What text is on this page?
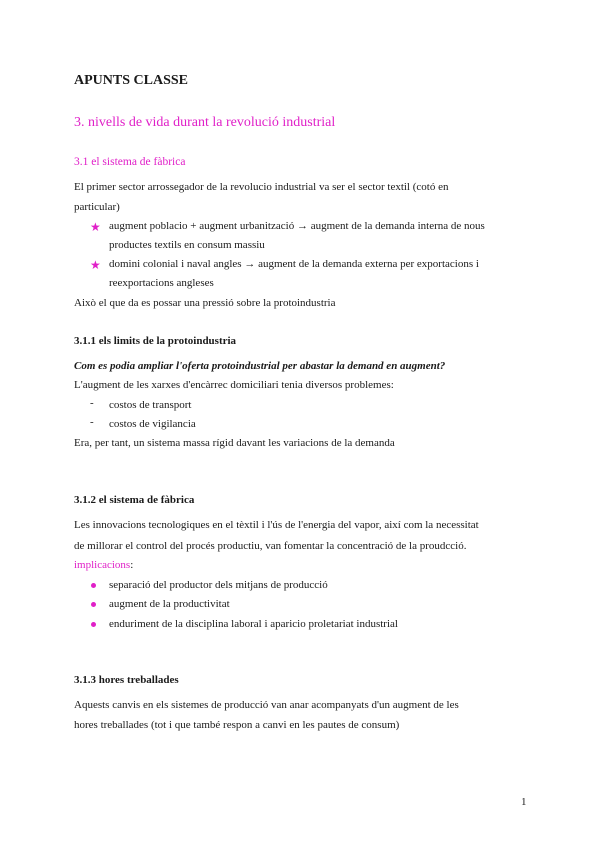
APUNTS CLASSE
3. nivells de vida durant la revolució industrial
3.1 el sistema de fàbrica
El primer sector arrossegador de la revolucio industrial va ser el sector textil (cotó en
particular)
★ augment poblacio + augment urbanització → augment de la demanda interna de nous
productes textils en consum massiu
★ domini colonial i naval angles → augment de la demanda externa per exportacions i
reexportacions angleses
Això el que da es possar una pressió sobre la protoindustria
3.1.1 els limits de la protoindustria
Com es podia ampliar l'oferta protoindustrial per abastar la demand en augment?
L'augment de les xarxes d'encàrrec domiciliari tenia diversos problemes:
- costos de transport
- costos de vigilancia
Era, per tant, un sistema massa rígid davant les variacions de la demanda
3.1.2 el sistema de fàbrica
Les innovacions tecnologiques en el tèxtil i l'ús de l'energia del vapor, així com la necessitat
de millorar el control del procés productiu, van fomentar la concentració de la proudcció.
implicacions:
separació del productor dels mitjans de producció
augment de la productivitat
enduriment de la disciplina laboral i aparicio proletariat industrial
3.1.3 hores treballades
Aquests canvis en els sistemes de producció van anar acompanyats d'un augment de les
hores treballades (tot i que també respon a canvi en les pautes de consum)
1
